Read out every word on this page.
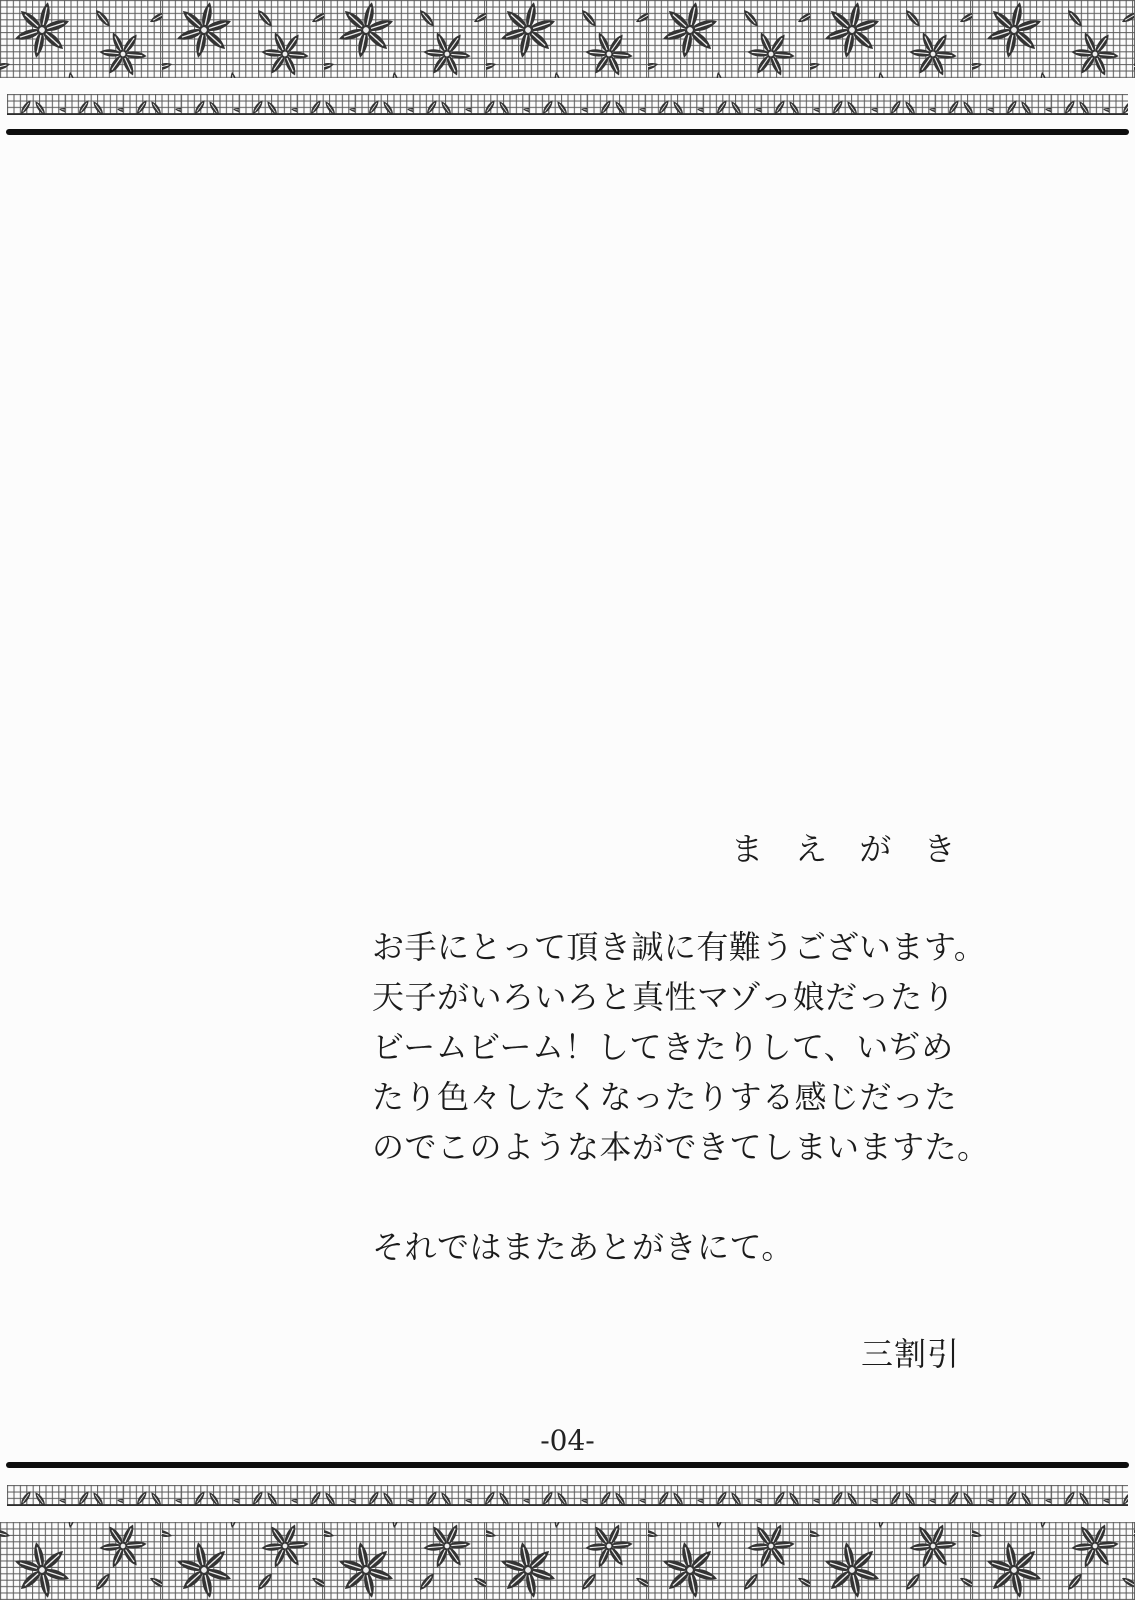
ま え が き
お手にとって頂き誠に有難うございます。
天子がいろいろと真性マゾっ娘だったり
ビームビーム！してきたりして、いぢめ
たり色々したくなったりする感じだった
のでこのような本ができてしまいますた。
それではまたあとがきにて。
三割引
-04-
